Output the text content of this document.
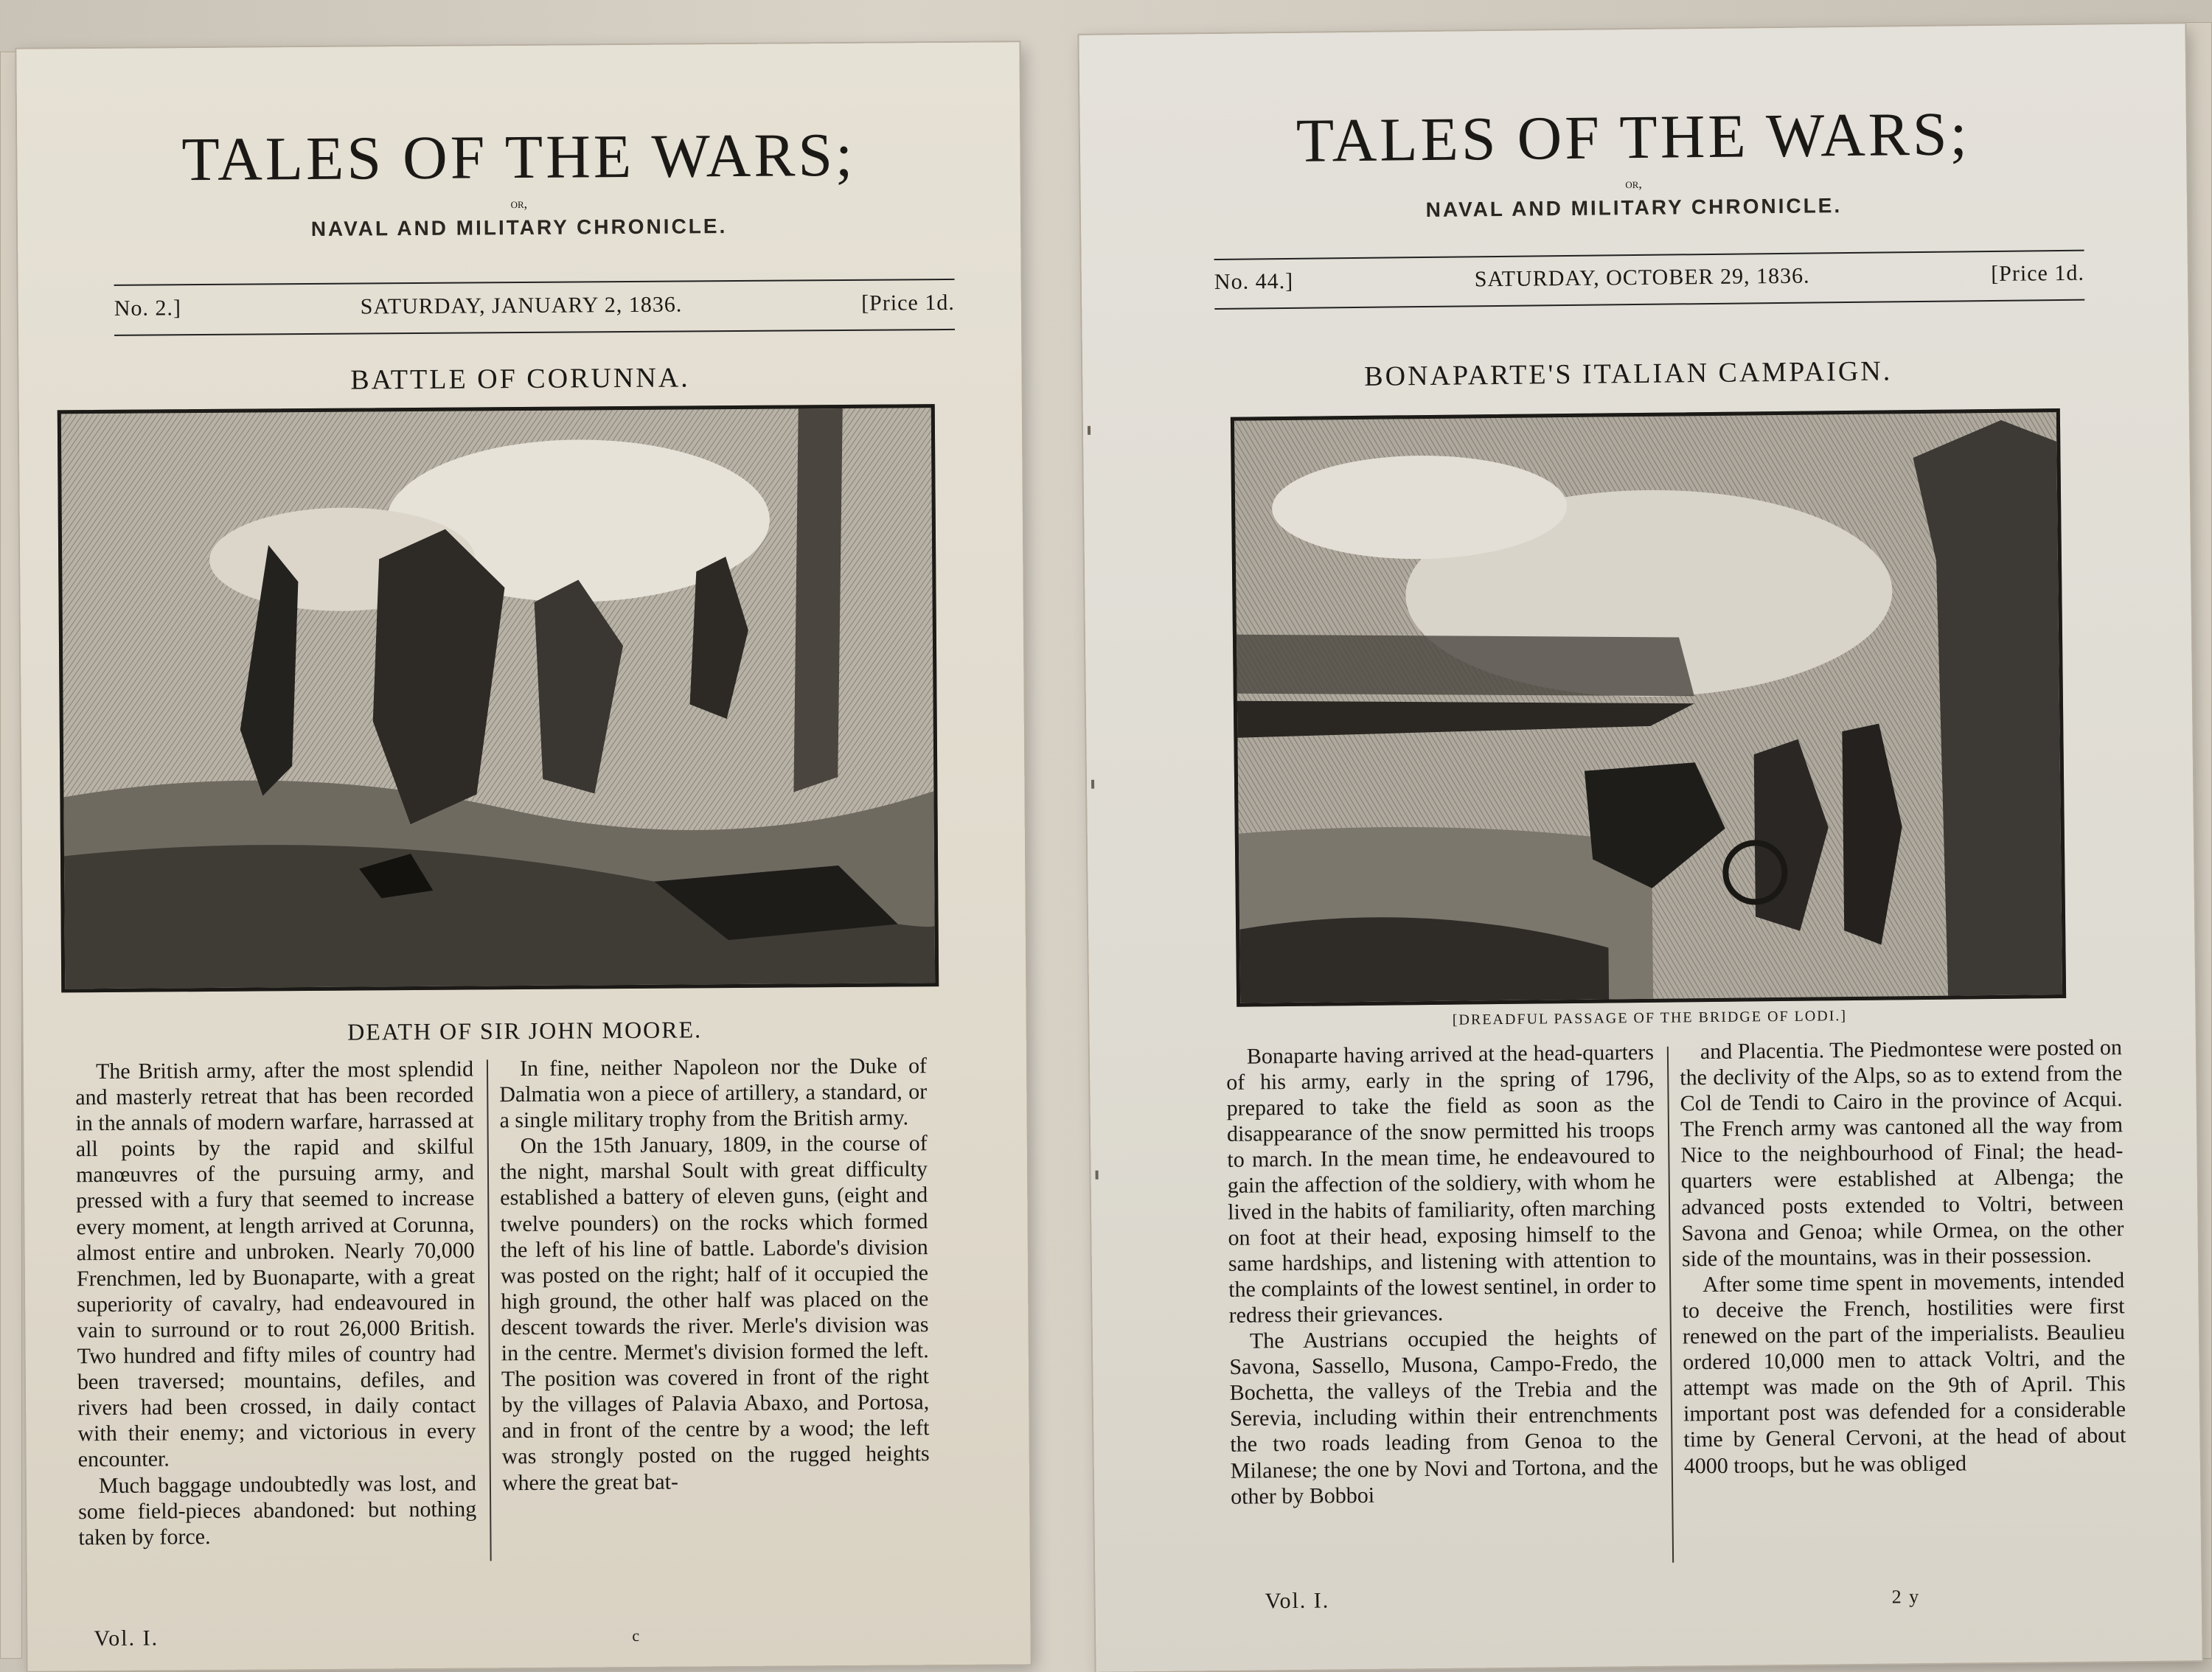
TALES OF THE WARS;
or,
NAVAL AND MILITARY CHRONICLE.
No. 2.]	SATURDAY, JANUARY 2, 1836.	[Price 1d.
BATTLE OF CORUNNA.
DEATH OF SIR JOHN MOORE.

The British army, after the most splendid and masterly retreat that has been recorded in the annals of modern warfare, harrassed at all points by the rapid and skilful manœuvres of the pursuing army, and pressed with a fury that seemed to increase every moment, at length arrived at Corunna, almost entire and unbroken. Nearly 70,000 Frenchmen, led by Buonaparte, with a great superiority of cavalry, had endeavoured in vain to surround or to rout 26,000 British. Two hundred and fifty miles of country had been traversed; mountains, defiles, and rivers had been crossed, in daily contact with their enemy; and victorious in every encounter.

Much baggage undoubtedly was lost, and some field-pieces abandoned: but nothing taken by force.

In fine, neither Napoleon nor the Duke of Dalmatia won a piece of artillery, a standard, or a single military trophy from the British army.

On the 15th January, 1809, in the course of the night, marshal Soult with great difficulty established a battery of eleven guns, (eight and twelve pounders) on the rocks which formed the left of his line of battle. Laborde's division was posted on the right; half of it occupied the high ground, the other half was placed on the descent towards the river. Merle's division was in the centre. Mermet's division formed the left. The position was covered in front of the right by the villages of Palavia Abaxo, and Portosa, and in front of the centre by a wood; the left was strongly posted on the rugged heights where the great bat-

Vol. I.	c
TALES OF THE WARS;
or,
NAVAL AND MILITARY CHRONICLE.
No. 44.]	SATURDAY, OCTOBER 29, 1836.	[Price 1d.
BONAPARTE'S ITALIAN CAMPAIGN.
[DREADFUL PASSAGE OF THE BRIDGE OF LODI.]

Bonaparte having arrived at the head-quarters of his army, early in the spring of 1796, prepared to take the field as soon as the disappearance of the snow permitted his troops to march. In the mean time, he endeavoured to gain the affection of the soldiery, with whom he lived in the habits of familiarity, often marching on foot at their head, exposing himself to the same hardships, and listening with attention to the complaints of the lowest sentinel, in order to redress their grievances.

The Austrians occupied the heights of Savona, Sassello, Musona, Campo-Fredo, the Bochetta, the valleys of the Trebia and the Serevia, including within their entrenchments the two roads leading from Genoa to the Milanese; the one by Novi and Tortona, and the other by Bobboi

and Placentia. The Piedmontese were posted on the declivity of the Alps, so as to extend from the Col de Tendi to Cairo in the province of Acqui. The French army was cantoned all the way from Nice to the neighbourhood of Final; the head-quarters were established at Albenga; the advanced posts extended to Voltri, between Savona and Genoa; while Ormea, on the other side of the mountains, was in their possession.

After some time spent in movements, intended to deceive the French, hostilities were first renewed on the part of the imperialists. Beaulieu ordered 10,000 men to attack Voltri, and the attempt was made on the 9th of April. This important post was defended for a considerable time by General Cervoni, at the head of about 4000 troops, but he was obliged

Vol. I.	2 y
